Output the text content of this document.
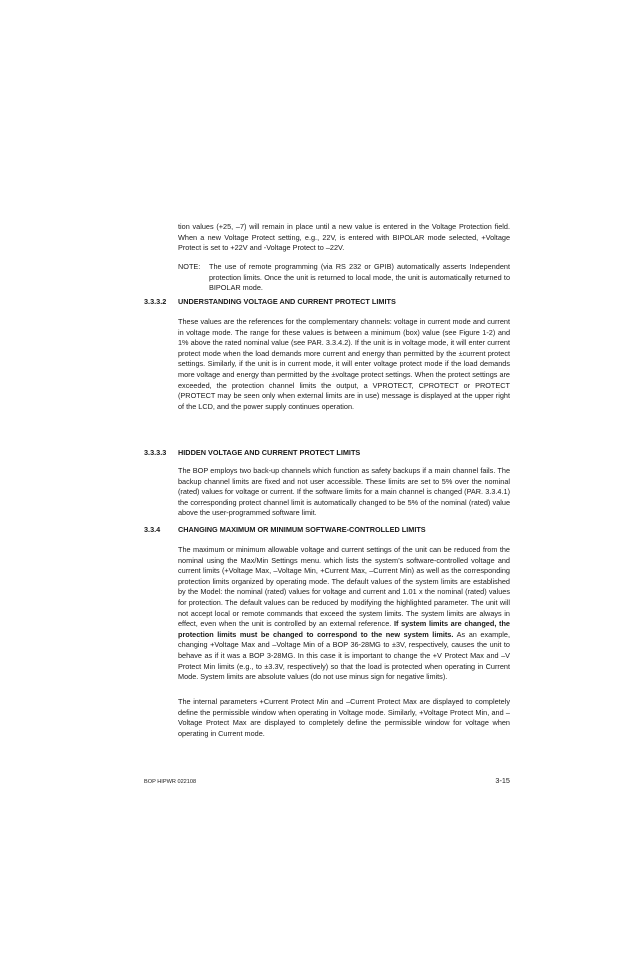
tion values (+25, –7) will remain in place until a new value is entered in the Voltage Protection field. When a new Voltage Protect setting, e.g., 22V, is entered with BIPOLAR mode selected, +Voltage Protect is set to +22V and -Voltage Protect to –22V.

NOTE:	The use of remote programming (via RS 232 or GPIB) automatically asserts Independent protection limits. Once the unit is returned to local mode, the unit is automatically returned to BIPOLAR mode.
3.3.3.2	UNDERSTANDING VOLTAGE AND CURRENT PROTECT LIMITS

These values are the references for the complementary channels: voltage in current mode and current in voltage mode. The range for these values is between a minimum (box) value (see Figure 1-2) and 1% above the rated nominal value (see PAR. 3.3.4.2). If the unit is in voltage mode, it will enter current protect mode when the load demands more current and energy than permitted by the ±current protect settings. Similarly, if the unit is in current mode, it will enter voltage protect mode if the load demands more voltage and energy than permitted by the ±voltage protect settings. When the protect settings are exceeded, the protection channel limits the output, a VPROTECT, CPROTECT or PROTECT (PROTECT may be seen only when external limits are in use) message is displayed at the upper right of the LCD, and the power supply continues operation.

3.3.3.3	HIDDEN VOLTAGE AND CURRENT PROTECT LIMITS

The BOP employs two back-up channels which function as safety backups if a main channel fails. The backup channel limits are fixed and not user accessible. These limits are set to 5% over the nominal (rated) values for voltage or current. If the software limits for a main channel is changed (PAR. 3.3.4.1) the corresponding protect channel limit is automatically changed to be 5% of the nominal (rated) value above the user-programmed software limit.

3.3.4	CHANGING MAXIMUM OR MINIMUM SOFTWARE-CONTROLLED LIMITS

The maximum or minimum allowable voltage and current settings of the unit can be reduced from the nominal using the Max/Min Settings menu. which lists the system’s software-controlled voltage and current limits (+Voltage Max, –Voltage Min, +Current Max, –Current Min) as well as the corresponding protection limits organized by operating mode. The default values of the system limits are established by the Model: the nominal (rated) values for voltage and current and 1.01 x the nominal (rated) values for protection. The default values can be reduced by modifying the highlighted parameter. The unit will not accept local or remote commands that exceed the system limits. The system limits are always in effect, even when the unit is controlled by an external reference. If system limits are changed, the protection limits must be changed to correspond to the new system limits. As an example, changing +Voltage Max and –Voltage Min of a BOP 36-28MG to ±3V, respectively, causes the unit to behave as if it was a BOP 3-28MG. In this case it is important to change the +V Protect Max and –V Protect Min limits (e.g., to ±3.3V, respectively) so that the load is protected when operating in Current Mode. System limits are absolute values (do not use minus sign for negative limits).

The internal parameters +Current Protect Min and –Current Protect Max are displayed to completely define the permissible window when operating in Voltage mode. Similarly, +Voltage Protect Min, and –Voltage Protect Max are displayed to completely define the permissible window for voltage when operating in Current mode.

BOP HIPWR 022108	3-15
